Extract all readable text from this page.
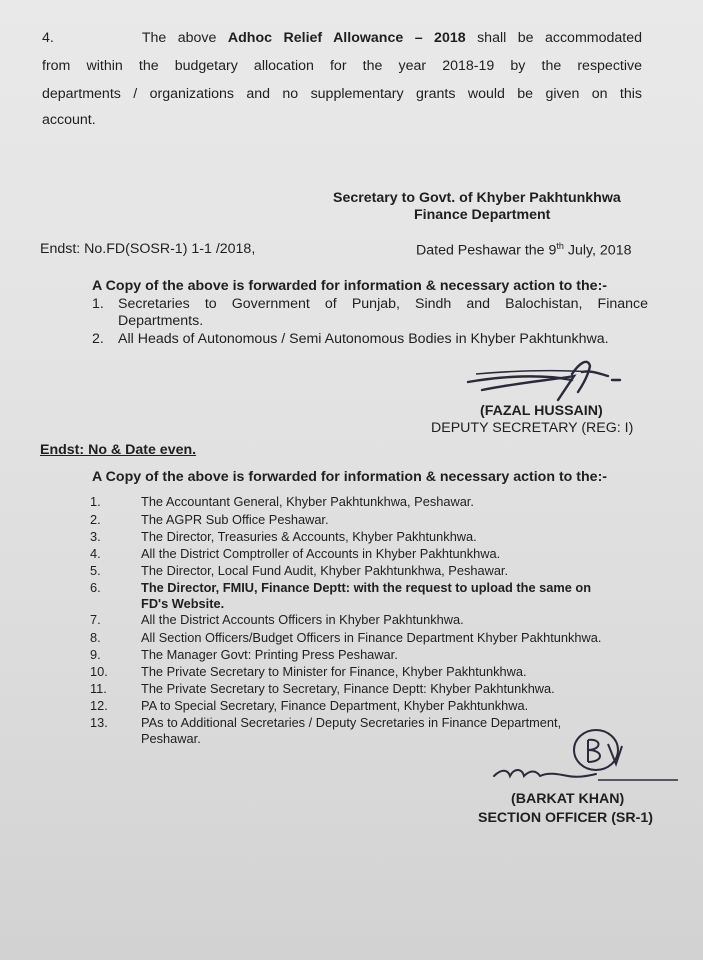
4.	The above Adhoc Relief Allowance – 2018 shall be accommodated
from within the budgetary allocation for the year 2018-19 by the respective
departments / organizations and no supplementary grants would be given on this
account.
Secretary to Govt. of Khyber Pakhtunkhwa
Finance Department
Endst: No.FD(SOSR-1) 1-1 /2018,	Dated Peshawar the 9th July, 2018
A Copy of the above is forwarded for information & necessary action to the:-
1. Secretaries to Government of Punjab, Sindh and Balochistan, Finance
Departments.
2. All Heads of Autonomous / Semi Autonomous Bodies in Khyber Pakhtunkhwa.
(FAZAL HUSSAIN)
DEPUTY SECRETARY (REG: I)
Endst: No & Date even.
A Copy of the above is forwarded for information & necessary action to the:-
1.	The Accountant General, Khyber Pakhtunkhwa, Peshawar.
2.	The AGPR Sub Office Peshawar.
3.	The Director, Treasuries & Accounts, Khyber Pakhtunkhwa.
4.	All the District Comptroller of Accounts in Khyber Pakhtunkhwa.
5.	The Director, Local Fund Audit, Khyber Pakhtunkhwa, Peshawar.
6.	The Director, FMIU, Finance Deptt: with the request to upload the same on
FD's Website.
7.	All the District Accounts Officers in Khyber Pakhtunkhwa.
8.	All Section Officers/Budget Officers in Finance Department Khyber Pakhtunkhwa.
9.	The Manager Govt: Printing Press Peshawar.
10.	The Private Secretary to Minister for Finance, Khyber Pakhtunkhwa.
11.	The Private Secretary to Secretary, Finance Deptt: Khyber Pakhtunkhwa.
12.	PA to Special Secretary, Finance Department, Khyber Pakhtunkhwa.
13.	PAs to Additional Secretaries / Deputy Secretaries in Finance Department,
Peshawar.
(BARKAT KHAN)
SECTION OFFICER (SR-1)
